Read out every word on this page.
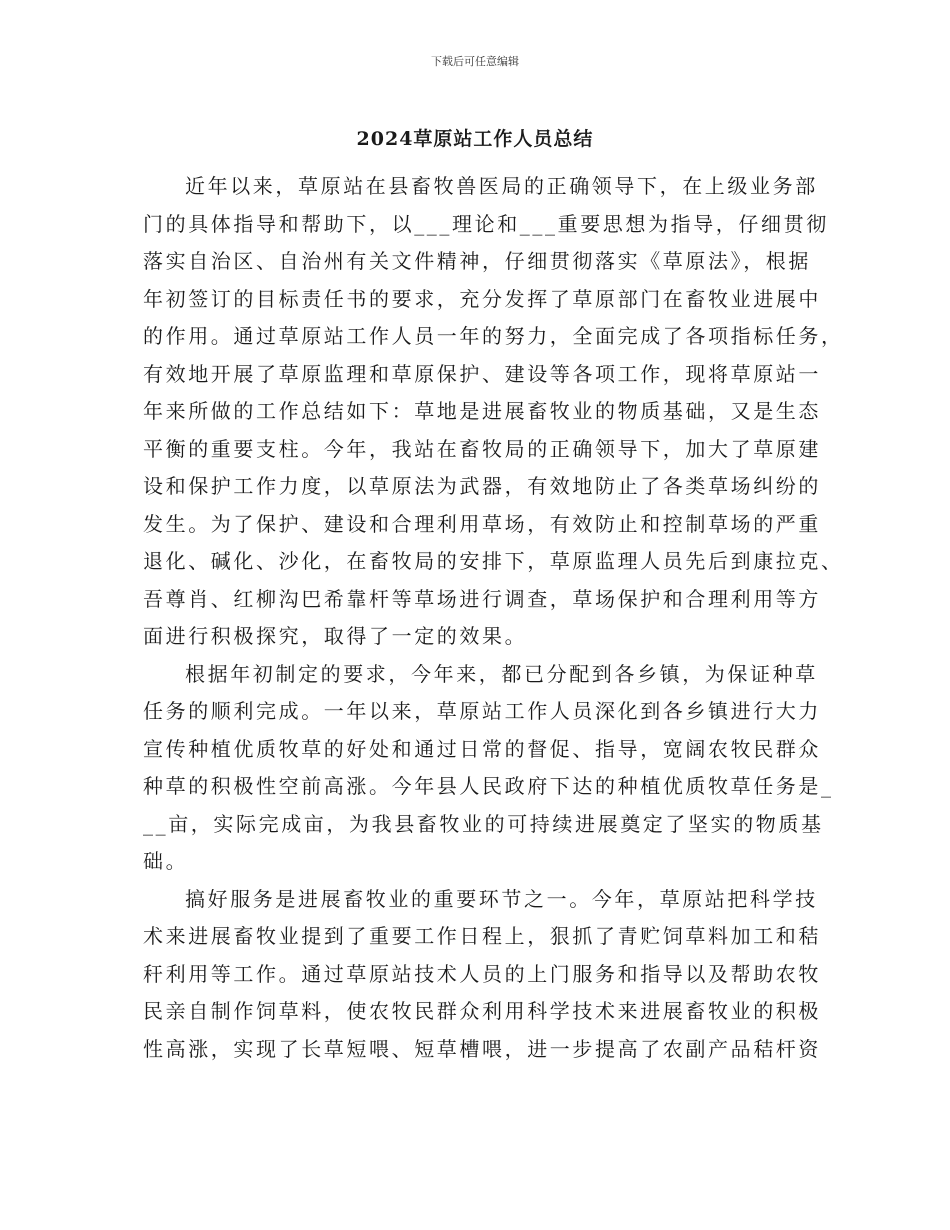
下载后可任意编辑
2024草原站工作人员总结
近年以来，草原站在县畜牧兽医局的正确领导下，在上级业务部
门的具体指导和帮助下，以___理论和___重要思想为指导，仔细贯彻
落实自治区、自治州有关文件精神，仔细贯彻落实《草原法》，根据
年初签订的目标责任书的要求，充分发挥了草原部门在畜牧业进展中
的作用。通过草原站工作人员一年的努力，全面完成了各项指标任务，
有效地开展了草原监理和草原保护、建设等各项工作，现将草原站一
年来所做的工作总结如下：草地是进展畜牧业的物质基础，又是生态
平衡的重要支柱。今年，我站在畜牧局的正确领导下，加大了草原建
设和保护工作力度，以草原法为武器，有效地防止了各类草场纠纷的
发生。为了保护、建设和合理利用草场，有效防止和控制草场的严重
退化、碱化、沙化，在畜牧局的安排下，草原监理人员先后到康拉克、
吾尊肖、红柳沟巴希靠杆等草场进行调查，草场保护和合理利用等方
面进行积极探究，取得了一定的效果。
根据年初制定的要求，今年来，都已分配到各乡镇，为保证种草
任务的顺利完成。一年以来，草原站工作人员深化到各乡镇进行大力
宣传种植优质牧草的好处和通过日常的督促、指导，宽阔农牧民群众
种草的积极性空前高涨。今年县人民政府下达的种植优质牧草任务是_
__亩，实际完成亩，为我县畜牧业的可持续进展奠定了坚实的物质基
础。
搞好服务是进展畜牧业的重要环节之一。今年，草原站把科学技
术来进展畜牧业提到了重要工作日程上，狠抓了青贮饲草料加工和秸
秆利用等工作。通过草原站技术人员的上门服务和指导以及帮助农牧
民亲自制作饲草料，使农牧民群众利用科学技术来进展畜牧业的积极
性高涨，实现了长草短喂、短草槽喂，进一步提高了农副产品秸杆资
